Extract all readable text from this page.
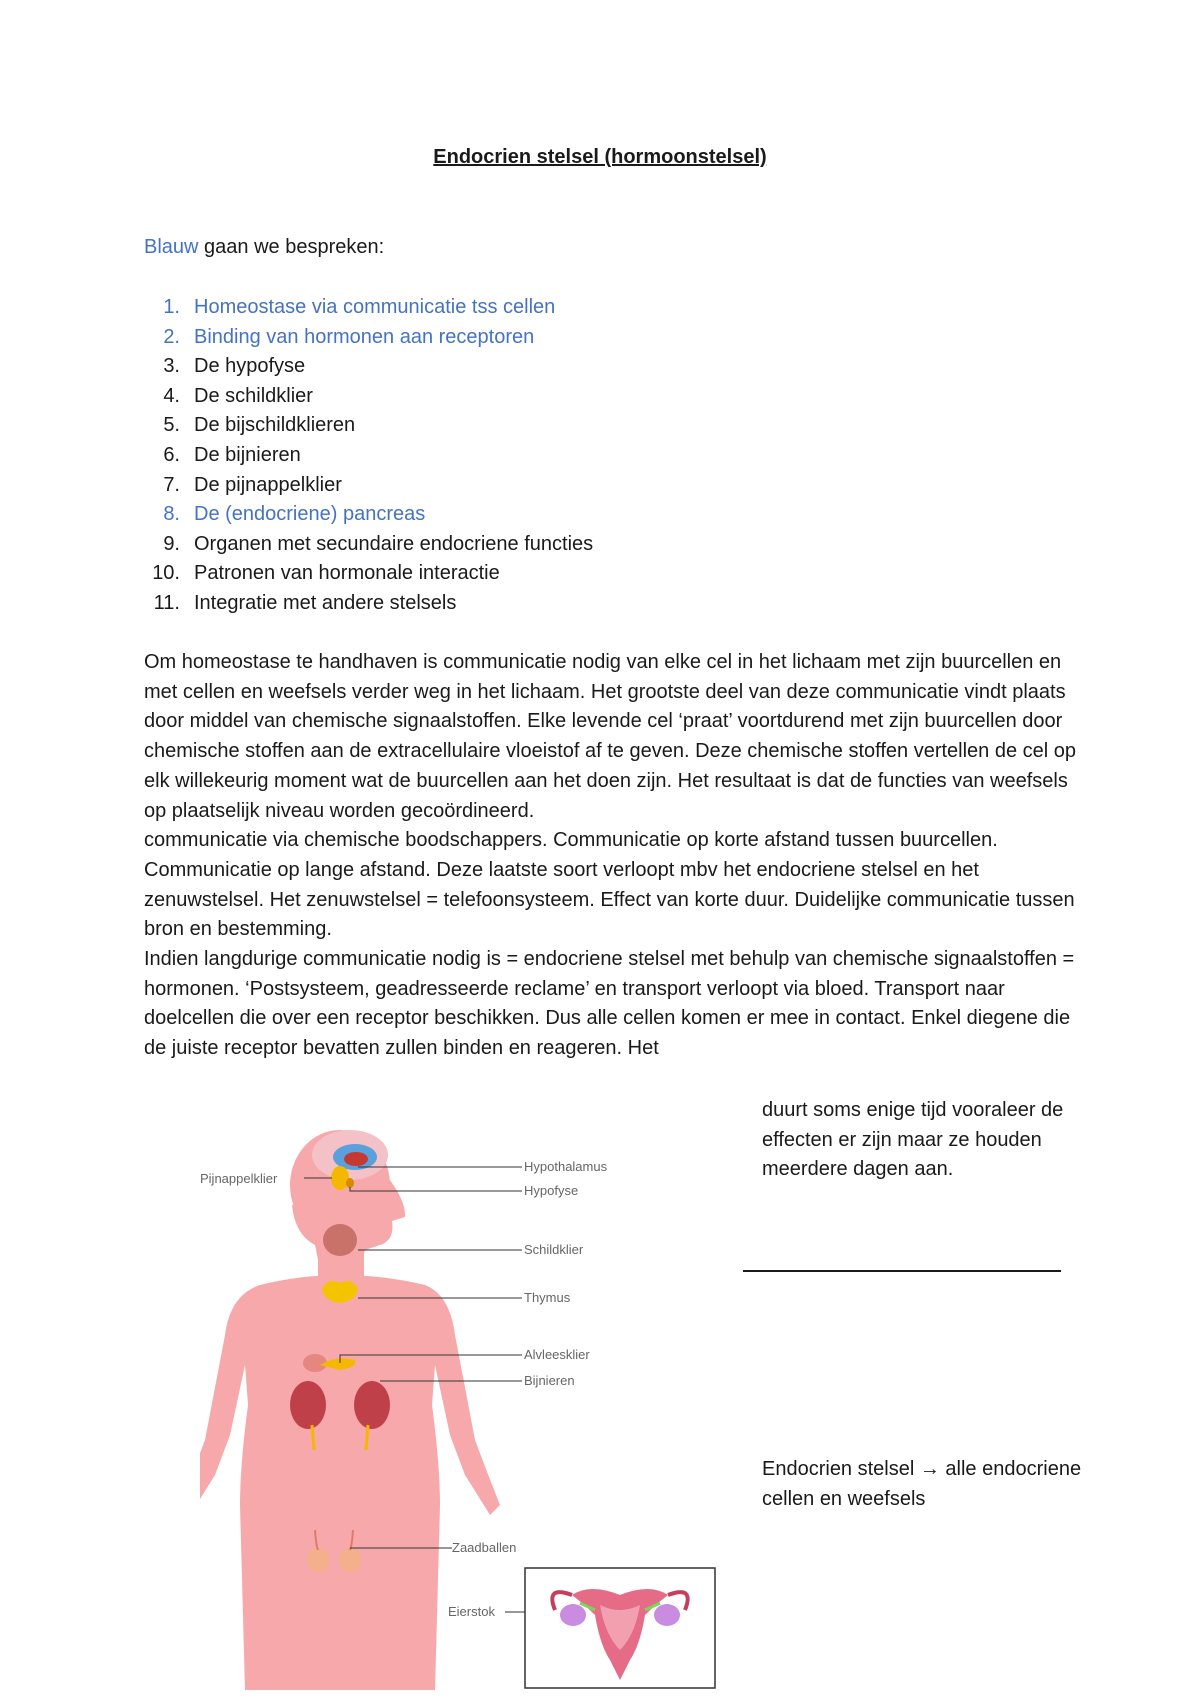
Endocrien stelsel (hormoonstelsel)
Blauw gaan we bespreken:
1. Homeostase via communicatie tss cellen
2. Binding van hormonen aan receptoren
3. De hypofyse
4. De schildklier
5. De bijschildklieren
6. De bijnieren
7. De pijnappelklier
8. De (endocriene) pancreas
9. Organen met secundaire endocriene functies
10. Patronen van hormonale interactie
11. Integratie met andere stelsels

Om homeostase te handhaven is communicatie nodig van elke cel in het lichaam met zijn buurcellen en met cellen en weefsels verder weg in het lichaam. Het grootste deel van deze communicatie vindt plaats door middel van chemische signaalstoffen. Elke levende cel ‘praat’ voortdurend met zijn buurcellen door chemische stoffen aan de extracellulaire vloeistof af te geven. Deze chemische stoffen vertellen de cel op elk willekeurig moment wat de buurcellen aan het doen zijn. Het resultaat is dat de functies van weefsels op plaatselijk niveau worden gecoördineerd.

communicatie via chemische boodschappers. Communicatie op korte afstand tussen buurcellen. Communicatie op lange afstand. Deze laatste soort verloopt mbv het endocriene stelsel en het zenuwstelsel. Het zenuwstelsel = telefoonsysteem. Effect van korte duur. Duidelijke communicatie tussen bron en bestemming.

Indien langdurige communicatie nodig is = endocriene stelsel met behulp van chemische signaalstoffen = hormonen. ‘Postsysteem, geadresseerde reclame’ en transport verloopt via bloed. Transport naar doelcellen die over een receptor beschikken. Dus alle cellen komen er mee in contact. Enkel diegene die de juiste receptor bevatten zullen binden en reageren. Het

duurt soms enige tijd vooraleer de effecten er zijn maar ze houden meerdere dagen aan.
Endocrien stelsel → alle endocriene cellen en weefsels
Pijnappelklier
Hypothalamus
Hypofyse
Schildklier
Thymus
Alvleesklier
Bijnieren
Zaadballen
Eierstok
